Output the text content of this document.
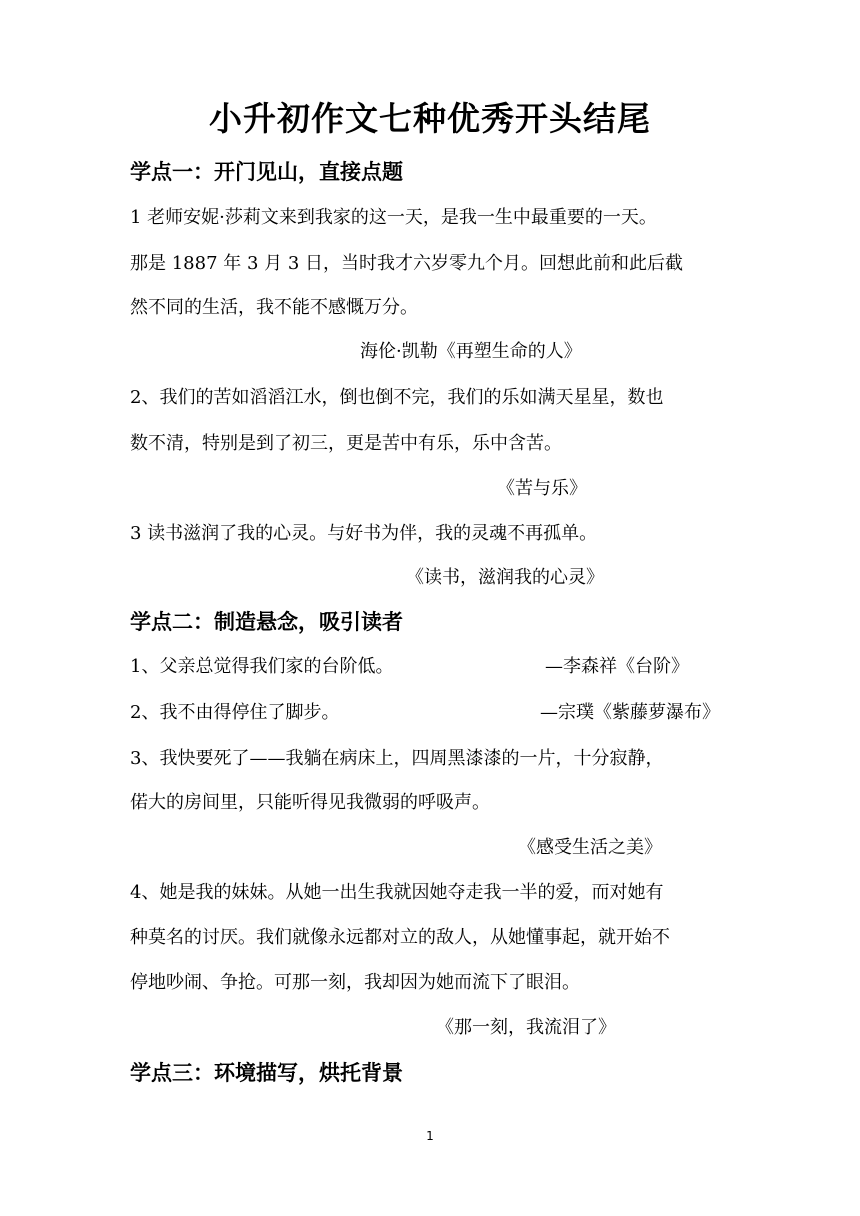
小升初作文七种优秀开头结尾
学点一：开门见山，直接点题
1 老师安妮·莎莉文来到我家的这一天，是我一生中最重要的一天。
那是 1887 年 3 月 3 日，当时我才六岁零九个月。回想此前和此后截
然不同的生活，我不能不感慨万分。
海伦·凯勒《再塑生命的人》
2、我们的苦如滔滔江水，倒也倒不完，我们的乐如满天星星，数也
数不清，特别是到了初三，更是苦中有乐，乐中含苦。
《苦与乐》
3 读书滋润了我的心灵。与好书为伴，我的灵魂不再孤单。
《读书，滋润我的心灵》
学点二：制造悬念，吸引读者
1、父亲总觉得我们家的台阶低。	—李森祥《台阶》
2、我不由得停住了脚步。	—宗璞《紫藤萝瀑布》
3、我快要死了——我躺在病床上，四周黑漆漆的一片，十分寂静，
偌大的房间里，只能听得见我微弱的呼吸声。
《感受生活之美》
4、她是我的妹妹。从她一出生我就因她夺走我一半的爱，而对她有
种莫名的讨厌。我们就像永远都对立的敌人，从她懂事起，就开始不
停地吵闹、争抢。可那一刻，我却因为她而流下了眼泪。
《那一刻，我流泪了》
学点三：环境描写，烘托背景
1
